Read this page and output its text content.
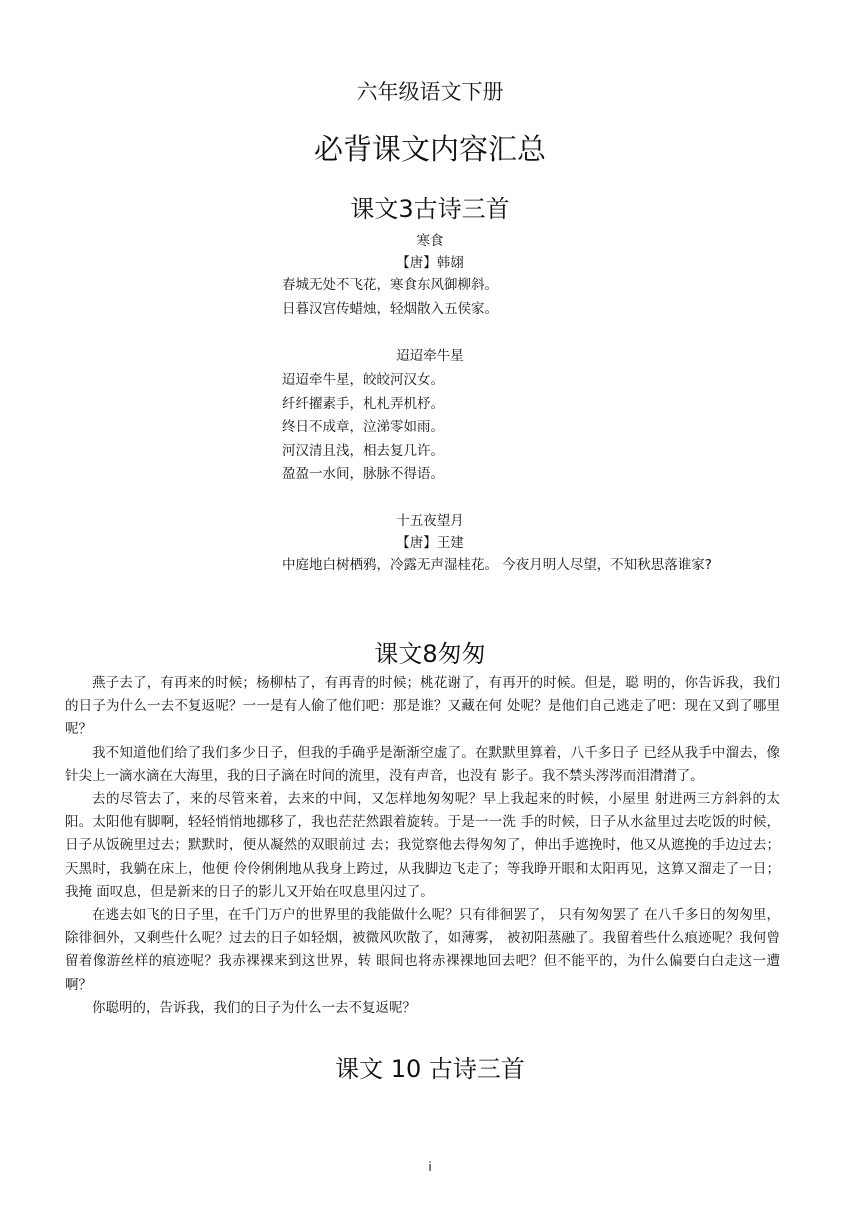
六年级语文下册
必背课文内容汇总
课文3古诗三首
寒食
【唐】韩翃
春城无处不飞花，寒食东风御柳斜。
日暮汉宫传蜡烛，轻烟散入五侯家。
迢迢牵牛星
迢迢牵牛星，皎皎河汉女。
纤纤擢素手，札札弄机杼。
终日不成章，泣涕零如雨。
河汉清且浅，相去复几许。
盈盈一水间，脉脉不得语。
十五夜望月
【唐】王建
中庭地白树栖鸦，冷露无声湿桂花。 今夜月明人尽望，不知秋思落谁家?
课文8匆匆

燕子去了，有再来的时候；杨柳枯了，有再青的时候；桃花谢了，有再开的时候。但是，聪 明的，你告诉我，我们的日子为什么一去不复返呢？一一是有人偷了他们吧：那是谁？又藏在何 处呢？是他们自己逃走了吧：现在又到了哪里呢？

我不知道他们给了我们多少日子，但我的手确乎是渐渐空虚了。在默默里算着，八千多日子 已经从我手中溜去，像针尖上一滴水滴在大海里，我的日子滴在时间的流里，没有声音，也没有 影子。我不禁头涔涔而泪潸潸了。

去的尽管去了，来的尽管来着，去来的中间，又怎样地匆匆呢？早上我起来的时候，小屋里 射进两三方斜斜的太阳。太阳他有脚啊，轻轻悄悄地挪移了，我也茫茫然跟着旋转。于是一一洗 手的时候，日子从水盆里过去吃饭的时候，日子从饭碗里过去；默默时，便从凝然的双眼前过 去；我觉察他去得匆匆了，伸出手遮挽时，他又从遮挽的手边过去；天黑时，我躺在床上，他便 伶伶俐俐地从我身上跨过，从我脚边飞走了；等我睁开眼和太阳再见，这算又溜走了一日；我掩 面叹息，但是新来的日子的影儿又开始在叹息里闪过了。

在逃去如飞的日子里，在千门万户的世界里的我能做什么呢？只有徘徊罢了， 只有匆匆罢了 在八千多日的匆匆里，除徘徊外，又剩些什么呢？过去的日子如轻烟，被微风吹散了，如薄雾， 被初阳蒸融了。我留着些什么痕迹呢？我何曾留着像游丝样的痕迹呢？我赤裸裸来到这世界，转 眼间也将赤裸裸地回去吧？但不能平的，为什么偏要白白走这一遭啊？

你聪明的，告诉我，我们的日子为什么一去不复返呢？

课文 10 古诗三首
i
